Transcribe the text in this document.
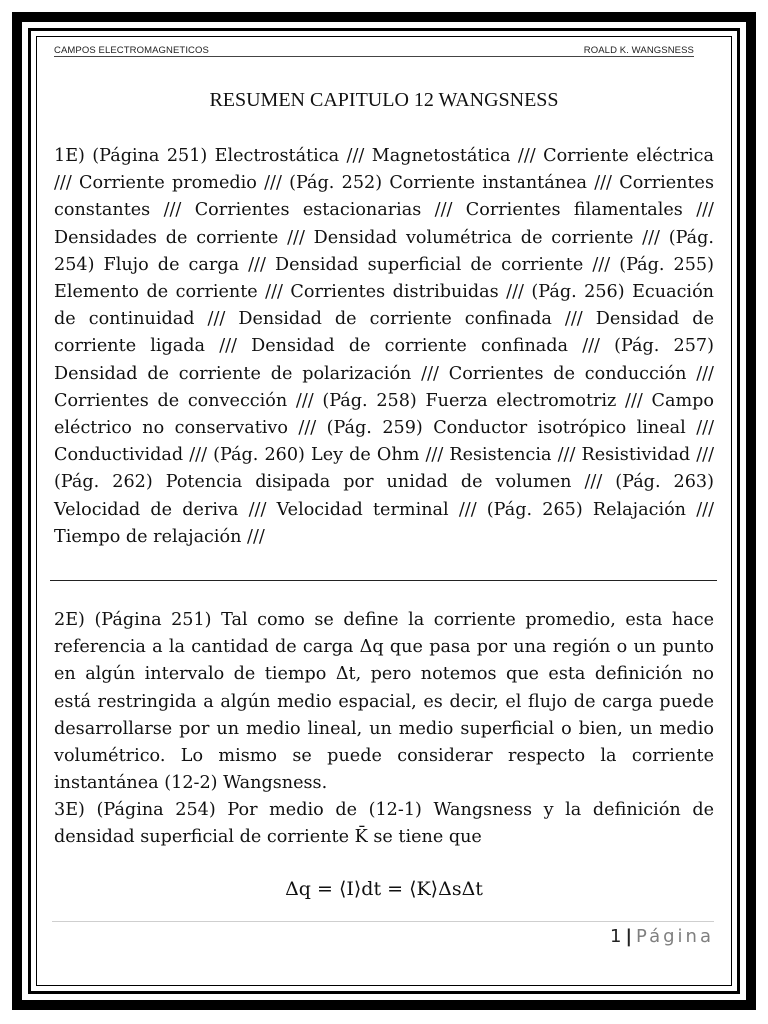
CAMPOS ELECTROMAGNETICOS	ROALD K. WANGSNESS
RESUMEN CAPITULO 12 WANGSNESS

1E) (Página 251) Electrostática /// Magnetostática /// Corriente eléctrica /// Corriente promedio /// (Pág. 252) Corriente instantánea /// Corrientes constantes /// Corrientes estacionarias /// Corrientes filamentales /// Densidades de corriente /// Densidad volumétrica de corriente /// (Pág. 254) Flujo de carga /// Densidad superficial de corriente /// (Pág. 255) Elemento de corriente /// Corrientes distribuidas /// (Pág. 256) Ecuación de continuidad /// Densidad de corriente confinada /// Densidad de corriente ligada /// Densidad de corriente confinada /// (Pág. 257) Densidad de corriente de polarización /// Corrientes de conducción /// Corrientes de convección /// (Pág. 258) Fuerza electromotriz /// Campo eléctrico no conservativo /// (Pág. 259) Conductor isotrópico lineal /// Conductividad /// (Pág. 260) Ley de Ohm /// Resistencia /// Resistividad /// (Pág. 262) Potencia disipada por unidad de volumen /// (Pág. 263) Velocidad de deriva /// Velocidad terminal /// (Pág. 265) Relajación /// Tiempo de relajación ///

2E) (Página 251) Tal como se define la corriente promedio, esta hace referencia a la cantidad de carga Δq que pasa por una región o un punto en algún intervalo de tiempo Δt, pero notemos que esta definición no está restringida a algún medio espacial, es decir, el flujo de carga puede desarrollarse por un medio lineal, un medio superficial o bien, un medio volumétrico. Lo mismo se puede considerar respecto la corriente instantánea (12-2) Wangsness.

3E) (Página 254) Por medio de (12-1) Wangsness y la definición de densidad superficial de corriente K̄ se tiene que

Δq = ⟨I⟩dt = ⟨K⟩ΔsΔt
1 | Página
